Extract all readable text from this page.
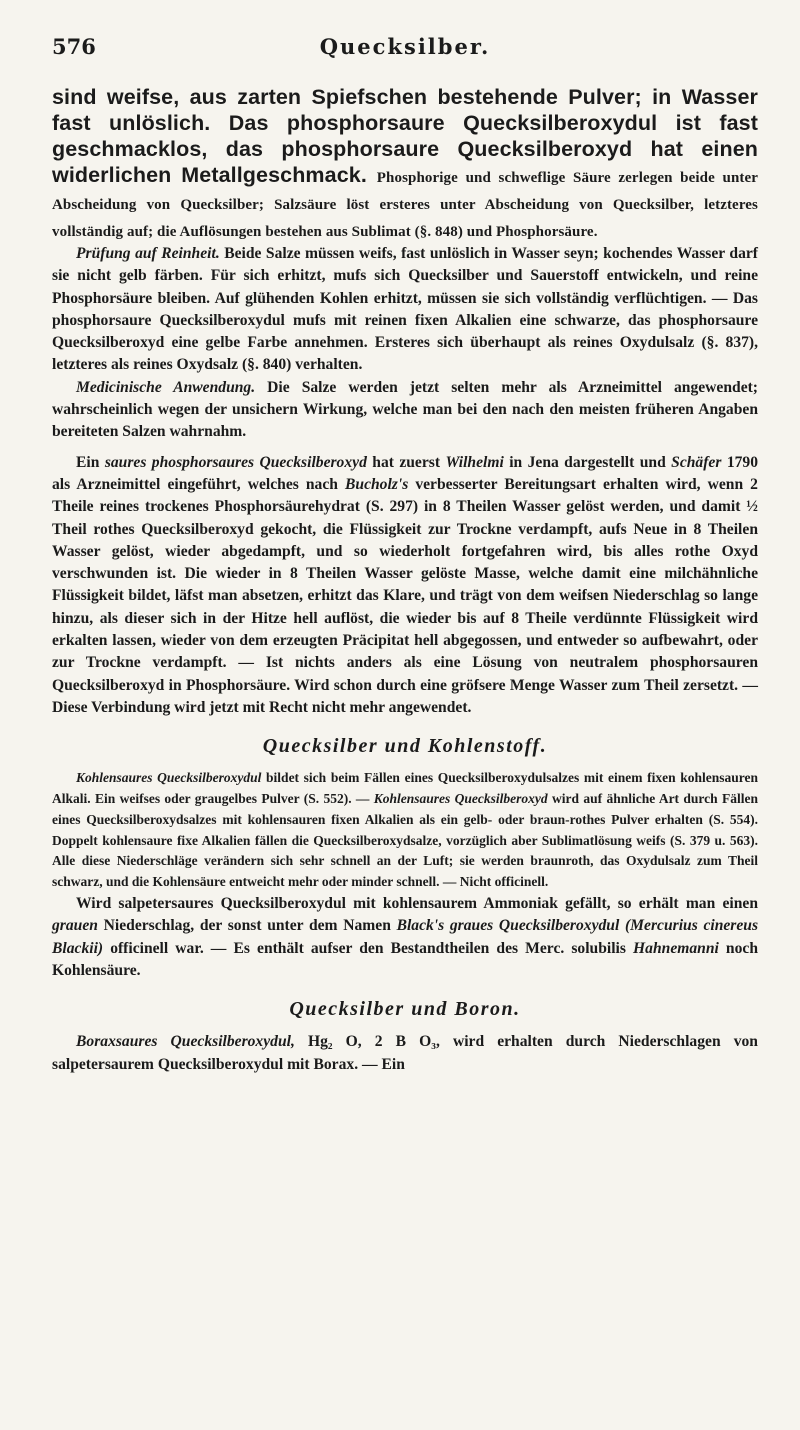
576	Quecksilber.
sind weifse, aus zarten Spiefschen bestehende Pulver; in Wasser fast unlöslich. Das phosphorsaure Quecksilberoxydul ist fast geschmacklos, das phosphorsaure Quecksilberoxyd hat einen widerlichen Metallgeschmack. Phosphorige und schwe⁠flige Säure zerlegen beide unter Abscheidung von Quecksilber; Salzsäure löst ersteres unter Abscheidung von Quecksilber, letzteres vollständig auf; die Auflösungen bestehen aus Sublimat (§. 848) und Phosphorsäure.

Prüfung auf Reinheit. Beide Salze müssen weifs, fast unlöslich in Wasser seyn; kochendes Wasser darf sie nicht gelb färben. Für sich erhitzt, mufs sich Quecksilber und Sauerstoff entwickeln, und reine Phosphorsäure bleiben. Auf glühenden Kohlen erhitzt, müssen sie sich vollständig verflüchtigen. — Das phosphorsaure Quecksilberoxydul mufs mit reinen fixen Alkalien eine schwarze, das phosphorsaure Quecksilberoxyd eine gelbe Farbe annehmen. Ersteres sich überhaupt als reines Oxydulsalz (§. 837), letzteres als reines Oxydsalz (§. 840) verhalten.

Medicinische Anwendung. Die Salze werden jetzt selten mehr als Arzneimittel angewendet; wahrscheinlich wegen der unsichern Wirkung, welche man bei den nach den meisten früheren Angaben bereiteten Salzen wahrnahm.

Ein saures phosphorsaures Quecksilberoxyd hat zuerst Wilhelmi in Jena dargestellt und Schäfer 1790 als Arzneimittel eingeführt, welches nach Bucholz's verbesserter Bereitungsart erhalten wird, wenn 2 Theile reines trockenes Phosphorsäurehydrat (S. 297) in 8 Theilen Wasser gelöst werden, und damit ½ Theil rothes Quecksilberoxyd gekocht, die Flüssigkeit zur Trockne verdampft, aufs Neue in 8 Theilen Wasser gelöst, wieder abgedampft, und so wiederholt fortgefahren wird, bis alles rothe Oxyd verschwunden ist. Die wieder in 8 Theilen Wasser gelöste Masse, welche damit eine milchähnliche Flüssigkeit bildet, läfst man absetzen, erhitzt das Klare, und trägt von dem weifsen Niederschlag so lange hinzu, als dieser sich in der Hitze hell auflöst, die wieder bis auf 8 Theile verdünnte Flüssigkeit wird erkalten lassen, wieder von dem erzeugten Präcipitat hell abgegossen, und entweder so aufbewahrt, oder zur Trockne verdampft. — Ist nichts anders als eine Lösung von neutralem phosphorsauren Quecksilberoxyd in Phosphorsäure. Wird schon durch eine gröfsere Menge Wasser zum Theil zersetzt. — Diese Verbindung wird jetzt mit Recht nicht mehr angewendet.

Quecksilber und Kohlenstoff.

Kohlensaures Quecksilberoxydul bildet sich beim Fällen eines Quecksilberoxydulsalzes mit einem fixen kohlensauren Alkali. Ein weifses oder graugelbes Pulver (S. 552). — Kohlensaures Quecksilberoxyd wird auf ähnliche Art durch Fällen eines Quecksilberoxydsalzes mit kohlensauren fixen Alkalien als ein gelb- oder braun-rothes Pulver erhalten (S. 554). Doppelt kohlensaure fixe Alkalien fällen die Quecksilberoxydsalze, vorzüglich aber Sublimatlösung weifs (S. 379 u. 563). Alle diese Niederschläge verändern sich sehr schnell an der Luft; sie werden braunroth, das Oxydulsalz zum Theil schwarz, und die Kohlensäure entweicht mehr oder minder schnell. — Nicht officinell.

Wird salpetersaures Quecksilberoxydul mit kohlensaurem Ammoniak gefällt, so erhält man einen grauen Niederschlag, der sonst unter dem Namen Black's graues Quecksilberoxydul (Mercurius cinereus Blackii) officinell war. — Es enthält aufser den Bestandtheilen des Merc. solubilis Hahnemanni noch Kohlensäure.

Quecksilber und Boron.

Boraxsaures Quecksilberoxydul, Hg₂ O, 2 B O₃, wird erhalten durch Niederschlagen von salpetersaurem Quecksilberoxydul mit Borax. — Ein
